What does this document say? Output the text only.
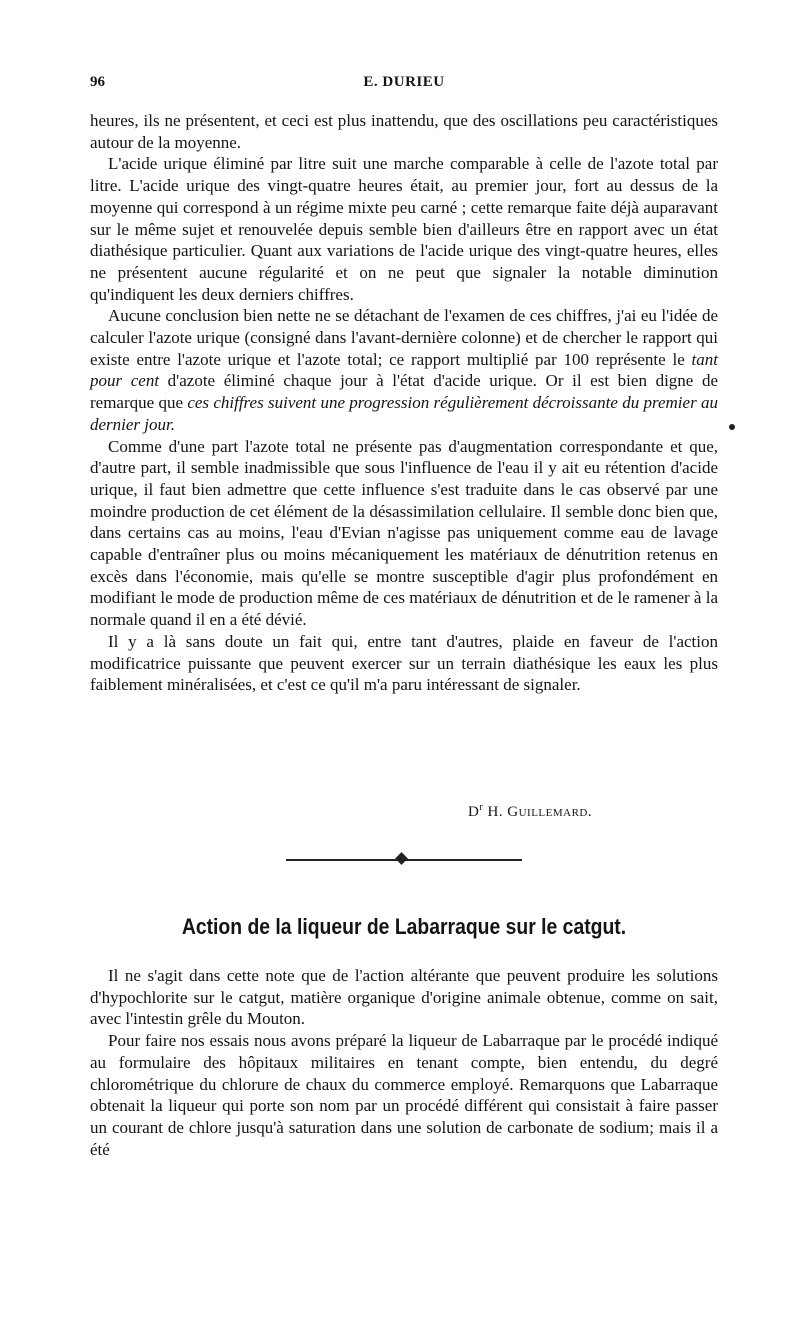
96	E. DURIEU

heures, ils ne présentent, et ceci est plus inattendu, que des oscillations peu caractéristiques autour de la moyenne.

L'acide urique éliminé par litre suit une marche comparable à celle de l'azote total par litre. L'acide urique des vingt-quatre heures était, au premier jour, fort au dessus de la moyenne qui correspond à un régime mixte peu carné ; cette remarque faite déjà auparavant sur le même sujet et renouvelée depuis semble bien d'ailleurs être en rapport avec un état diathésique particulier. Quant aux variations de l'acide urique des vingt-quatre heures, elles ne présentent aucune régularité et on ne peut que signaler la notable diminution qu'indiquent les deux derniers chiffres.

Aucune conclusion bien nette ne se détachant de l'examen de ces chiffres, j'ai eu l'idée de calculer l'azote urique (consigné dans l'avant-dernière colonne) et de chercher le rapport qui existe entre l'azote urique et l'azote total; ce rapport multiplié par 100 représente le tant pour cent d'azote éliminé chaque jour à l'état d'acide urique. Or il est bien digne de remarque que ces chiffres suivent une progression régulièrement décroissante du premier au dernier jour.

Comme d'une part l'azote total ne présente pas d'augmentation correspondante et que, d'autre part, il semble inadmissible que sous l'influence de l'eau il y ait eu rétention d'acide urique, il faut bien admettre que cette influence s'est traduite dans le cas observé par une moindre production de cet élément de la désassimilation cellulaire. Il semble donc bien que, dans certains cas au moins, l'eau d'Evian n'agisse pas uniquement comme eau de lavage capable d'entraîner plus ou moins mécaniquement les matériaux de dénutrition retenus en excès dans l'économie, mais qu'elle se montre susceptible d'agir plus profondément en modifiant le mode de production même de ces matériaux de dénutrition et de le ramener à la normale quand il en a été dévié.

Il y a là sans doute un fait qui, entre tant d'autres, plaide en faveur de l'action modificatrice puissante que peuvent exercer sur un terrain diathésique les eaux les plus faiblement minéralisées, et c'est ce qu'il m'a paru intéressant de signaler.

$D^r$ H. Guillemard.
Action de la liqueur de Labarraque sur le catgut.

Il ne s'agit dans cette note que de l'action altérante que peuvent produire les solutions d'hypochlorite sur le catgut, matière organique d'origine animale obtenue, comme on sait, avec l'intestin grêle du Mouton.

Pour faire nos essais nous avons préparé la liqueur de Labarraque par le procédé indiqué au formulaire des hôpitaux militaires en tenant compte, bien entendu, du degré chlorométrique du chlorure de chaux du commerce employé. Remarquons que Labarraque obtenait la liqueur qui porte son nom par un procédé différent qui consistait à faire passer un courant de chlore jusqu'à saturation dans une solution de carbonate de sodium; mais il a été
